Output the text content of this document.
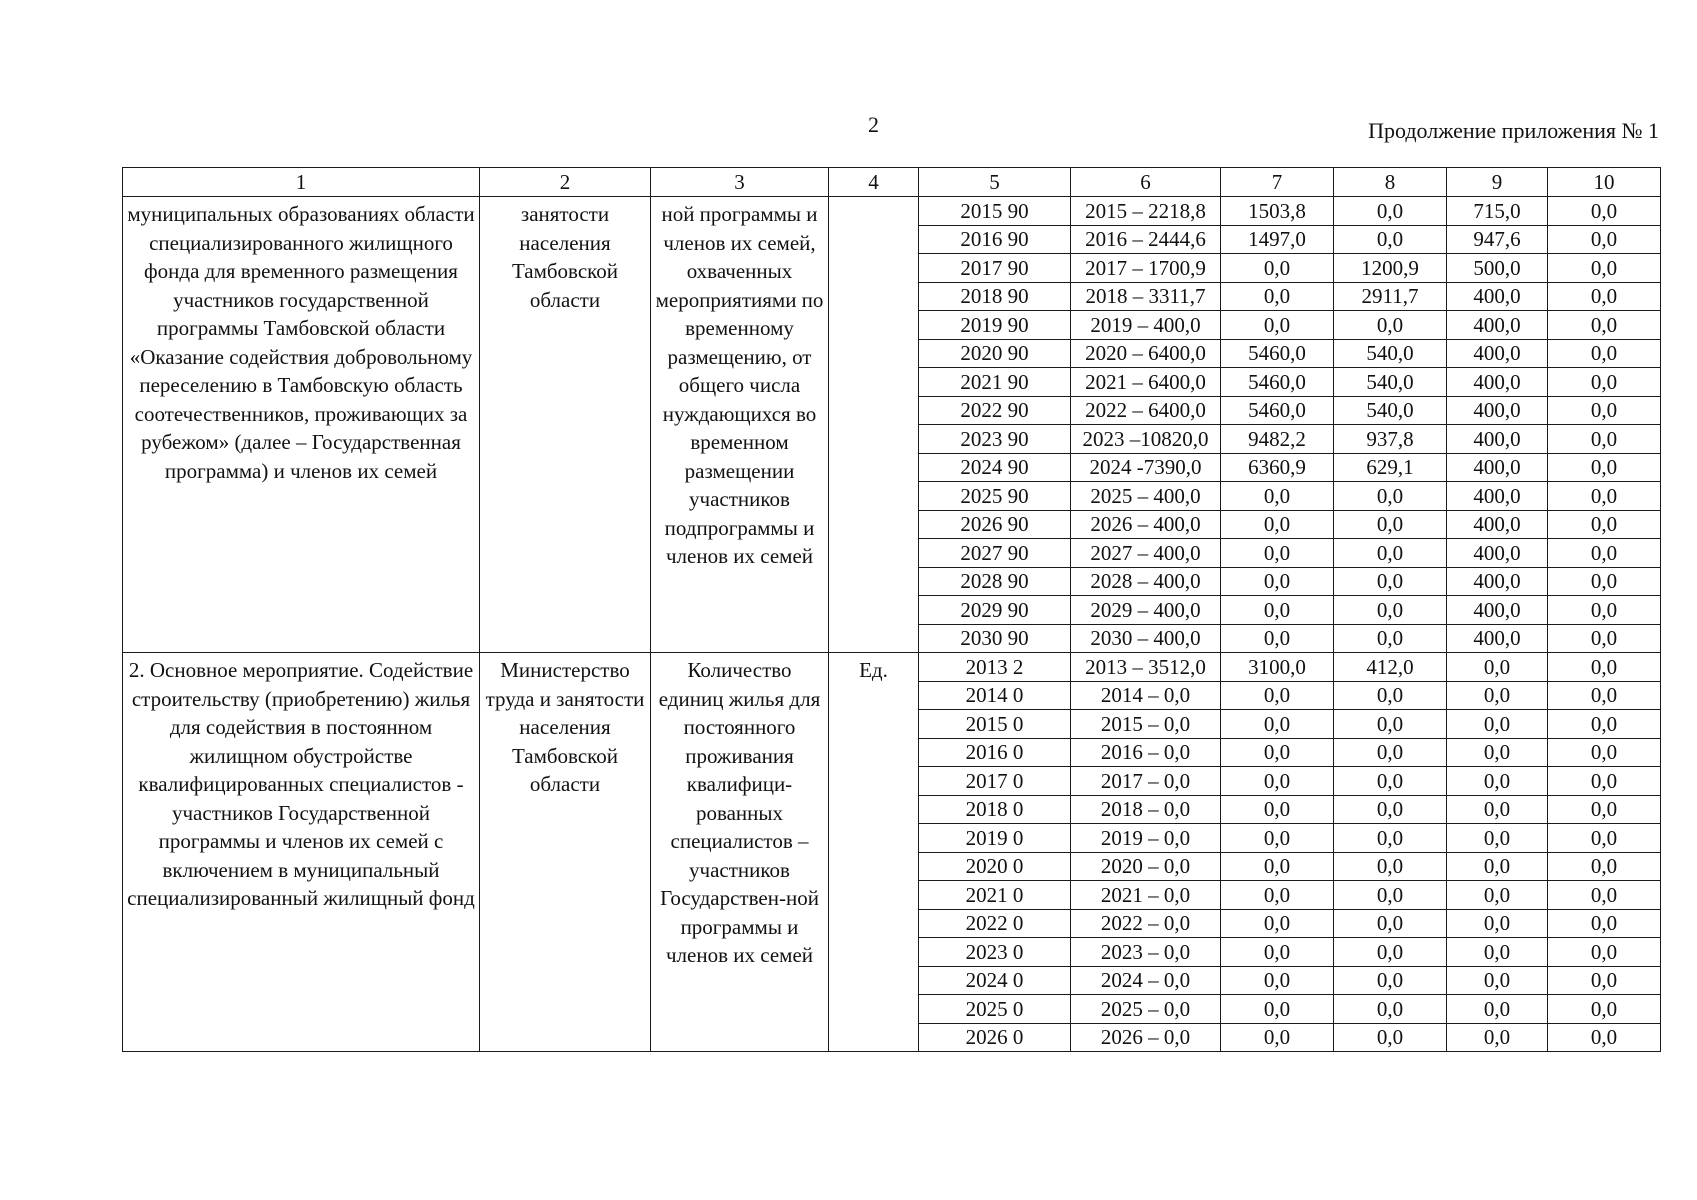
2	Продолжение приложения № 1
1	2	3	4	5	6	7	8	9	10
муниципальных образованиях области специализированного жилищного фонда для временного размещения участников государственной программы Тамбовской области «Оказание содействия добровольному переселению в Тамбовскую область соотечественников, проживающих за рубежом» (далее – Государственная программа) и членов их семей	занятости населения Тамбовской области	ной программы и членов их семей, охваченных мероприятиями по временному размещению, от общего числа нуждающихся во временном размещении участников подпрограммы и членов их семей		2015 90	2015 – 2218,8	1503,8	0,0	715,0	0,0
				2016 90	2016 – 2444,6	1497,0	0,0	947,6	0,0
				2017 90	2017 – 1700,9	0,0	1200,9	500,0	0,0
				2018 90	2018 – 3311,7	0,0	2911,7	400,0	0,0
				2019 90	2019 – 400,0	0,0	0,0	400,0	0,0
				2020 90	2020 – 6400,0	5460,0	540,0	400,0	0,0
				2021 90	2021 – 6400,0	5460,0	540,0	400,0	0,0
				2022 90	2022 – 6400,0	5460,0	540,0	400,0	0,0
				2023 90	2023 –10820,0	9482,2	937,8	400,0	0,0
				2024 90	2024 -7390,0	6360,9	629,1	400,0	0,0
				2025 90	2025 – 400,0	0,0	0,0	400,0	0,0
				2026 90	2026 – 400,0	0,0	0,0	400,0	0,0
				2027 90	2027 – 400,0	0,0	0,0	400,0	0,0
				2028 90	2028 – 400,0	0,0	0,0	400,0	0,0
				2029 90	2029 – 400,0	0,0	0,0	400,0	0,0
				2030 90	2030 – 400,0	0,0	0,0	400,0	0,0
2. Основное мероприятие. Содействие строительству (приобретению) жилья для содействия в постоянном жилищном обустройстве квалифицированных специалистов - участников Государственной программы и членов их семей с включением в муниципальный специализированный жилищный фонд	Министерство труда и занятости населения Тамбовской области	Количество единиц жилья для постоянного проживания квалифици-рованных специалистов – участников Государствен-ной программы и членов их семей	Ед.	2013 2	2013 – 3512,0	3100,0	412,0	0,0	0,0
				2014 0	2014 – 0,0	0,0	0,0	0,0	0,0
				2015 0	2015 – 0,0	0,0	0,0	0,0	0,0
				2016 0	2016 – 0,0	0,0	0,0	0,0	0,0
				2017 0	2017 – 0,0	0,0	0,0	0,0	0,0
				2018 0	2018 – 0,0	0,0	0,0	0,0	0,0
				2019 0	2019 – 0,0	0,0	0,0	0,0	0,0
				2020 0	2020 – 0,0	0,0	0,0	0,0	0,0
				2021 0	2021 – 0,0	0,0	0,0	0,0	0,0
				2022 0	2022 – 0,0	0,0	0,0	0,0	0,0
				2023 0	2023 – 0,0	0,0	0,0	0,0	0,0
				2024 0	2024 – 0,0	0,0	0,0	0,0	0,0
				2025 0	2025 – 0,0	0,0	0,0	0,0	0,0
				2026 0	2026 – 0,0	0,0	0,0	0,0	0,0
